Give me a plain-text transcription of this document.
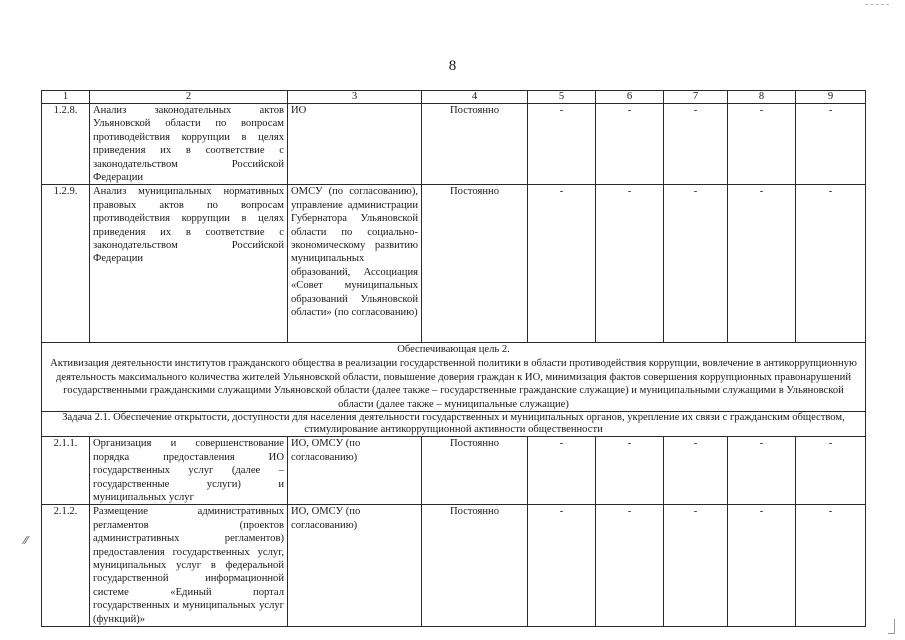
8
⁄⁄
1	2	3	4	5	6	7	8	9
1.2.8.	Анализ законодательных актов Ульяновской области по вопросам противодействия коррупции в целях приведения их в соответствие с законодательством Российской Федерации	ИО	Постоянно	-	-	-	-	-
1.2.9.	Анализ муниципальных нормативных правовых актов по вопросам противодействия коррупции в целях приведения их в соответствие с законодательством Российской Федерации	ОМСУ (по согласованию), управление администрации Губернатора Ульяновской области по социально-экономическому развитию муниципальных образований, Ассоциация «Совет муниципальных образований Ульяновской области» (по согласованию)	Постоянно	-	-	-	-	-

Обеспечивающая цель 2.
Активизация деятельности институтов гражданского общества в реализации государственной политики в области противодействия коррупции, вовлечение в антикоррупционную деятельность максимального количества жителей Ульяновской области, повышение доверия граждан к ИО, минимизация фактов совершения коррупционных правонарушений государственными гражданскими служащими Ульяновской области (далее также – государственные гражданские служащие) и муниципальными служащими в Ульяновской области (далее также – муниципальные служащие)								

Задача 2.1. Обеспечение открытости, доступности для населения деятельности государственных и муниципальных органов, укрепление их связи с гражданским обществом, стимулирование антикоррупционной активности общественности								
2.1.1.	Организация и совершенствование порядка предоставления ИО государственных услуг (далее – государственные услуги) и муниципальных услуг	ИО, ОМСУ (по согласованию)	Постоянно	-	-	-	-	-
2.1.2.	Размещение административных регламентов (проектов административных регламентов) предоставления государственных услуг, муниципальных услуг в федеральной государственной информационной системе «Единый портал государственных и муниципальных услуг (функций)»	ИО, ОМСУ (по согласованию)	Постоянно	-	-	-	-	-
